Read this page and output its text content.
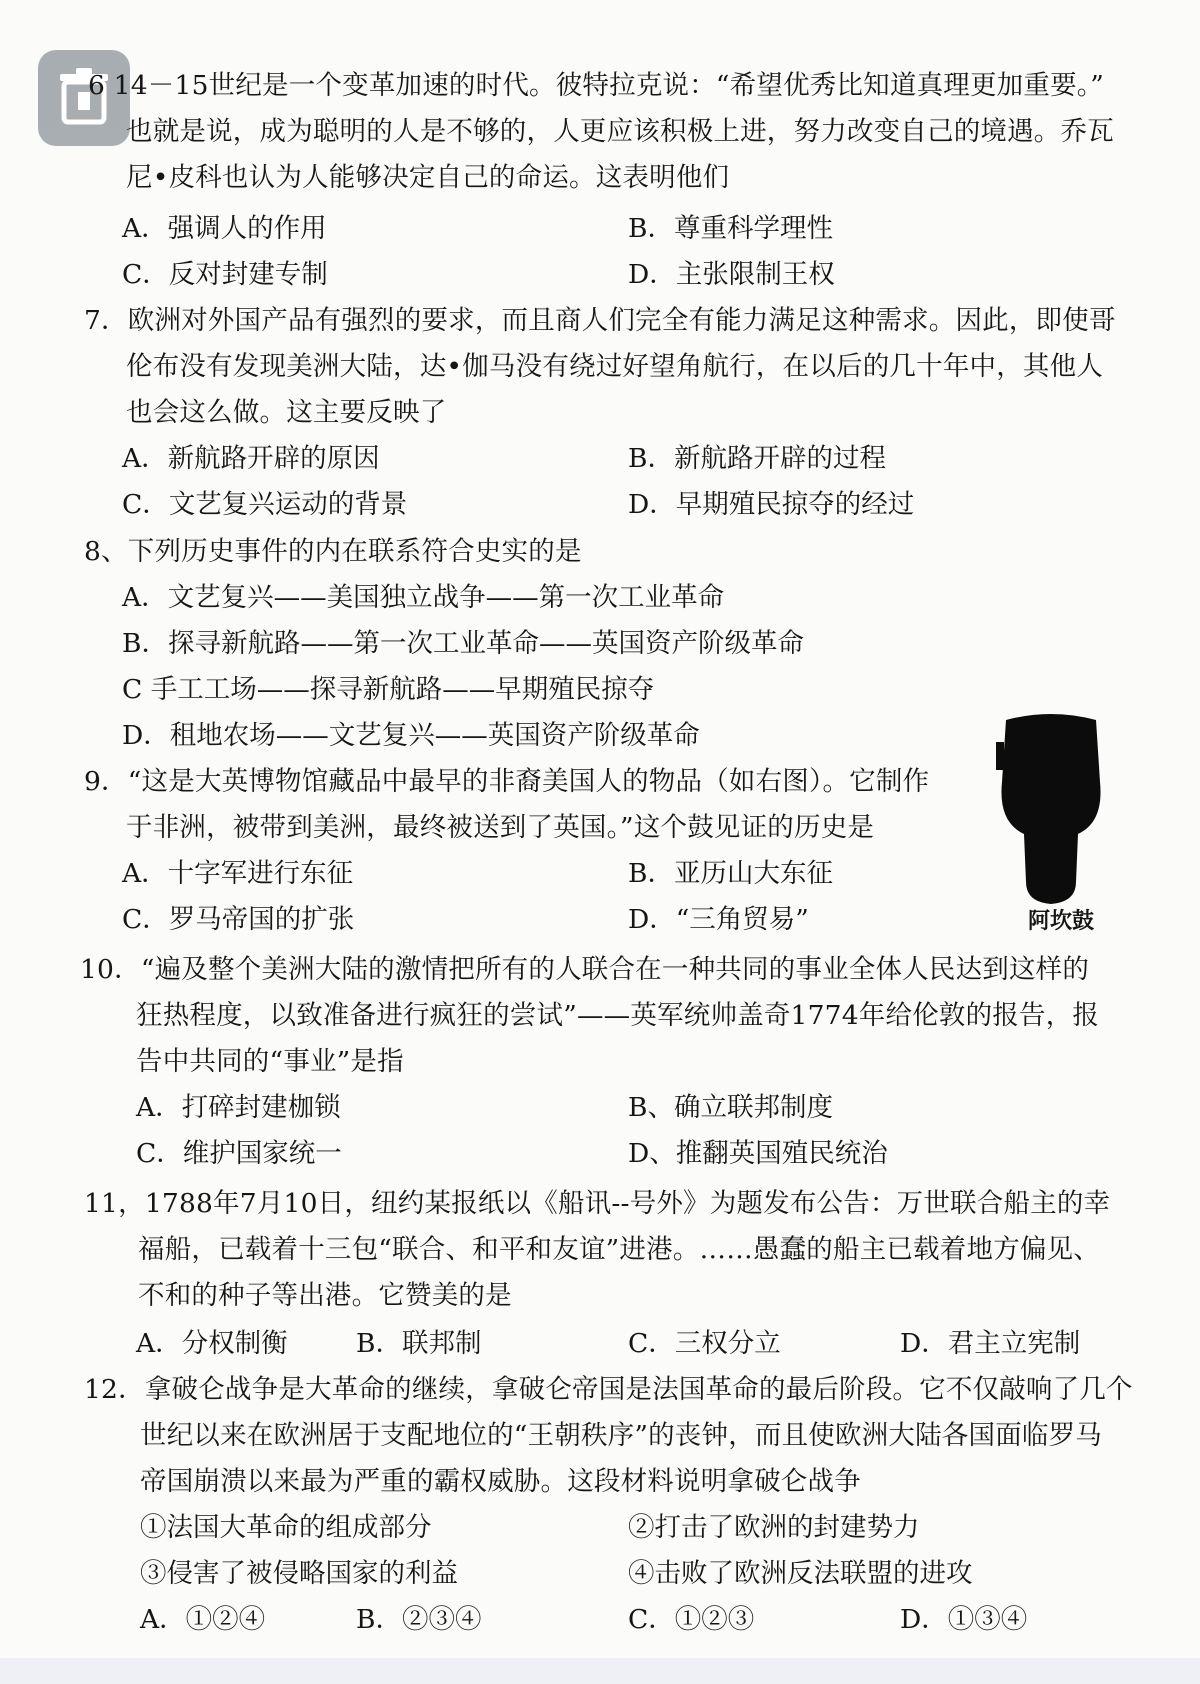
6 14－15世纪是一个变革加速的时代。彼特拉克说：“希望优秀比知道真理更加重要。”
也就是说，成为聪明的人是不够的，人更应该积极上进，努力改变自己的境遇。乔瓦
尼•皮科也认为人能够决定自己的命运。这表明他们
A．强调人的作用	B．尊重科学理性
C．反对封建专制	D．主张限制王权
7．欧洲对外国产品有强烈的要求，而且商人们完全有能力满足这种需求。因此，即使哥
伦布没有发现美洲大陆，达•伽马没有绕过好望角航行，在以后的几十年中，其他人
也会这么做。这主要反映了
A．新航路开辟的原因	B．新航路开辟的过程
C．文艺复兴运动的背景	D．早期殖民掠夺的经过
8、下列历史事件的内在联系符合史实的是
A．文艺复兴——美国独立战争——第一次工业革命
B．探寻新航路——第一次工业革命——英国资产阶级革命
C 手工工场——探寻新航路——早期殖民掠夺
D．租地农场——文艺复兴——英国资产阶级革命
9．“这是大英博物馆藏品中最早的非裔美国人的物品（如右图）。它制作
于非洲，被带到美洲，最终被送到了英国。”这个鼓见证的历史是
A．十字军进行东征	B．亚历山大东征
C．罗马帝国的扩张	D．“三角贸易”	阿坎鼓
10．“遍及整个美洲大陆的激情把所有的人联合在一种共同的事业全体人民达到这样的
狂热程度，以致准备进行疯狂的尝试”——英军统帅盖奇1774年给伦敦的报告，报
告中共同的“事业”是指
A．打碎封建枷锁	B、确立联邦制度
C．维护国家统一	D、推翻英国殖民统治
11，1788年7月10日，纽约某报纸以《船讯--号外》为题发布公告：万世联合船主的幸
福船，已载着十三包“联合、和平和友谊”进港。……愚蠢的船主已载着地方偏见、
不和的种子等出港。它赞美的是
A．分权制衡	B．联邦制	C．三权分立	D．君主立宪制
12．拿破仑战争是大革命的继续，拿破仑帝国是法国革命的最后阶段。它不仅敲响了几个
世纪以来在欧洲居于支配地位的“王朝秩序”的丧钟，而且使欧洲大陆各国面临罗马
帝国崩溃以来最为严重的霸权威胁。这段材料说明拿破仑战争
①法国大革命的组成部分	②打击了欧洲的封建势力
③侵害了被侵略国家的利益	④击败了欧洲反法联盟的进攻
A．①②④	B．②③④	C．①②③	D．①③④
